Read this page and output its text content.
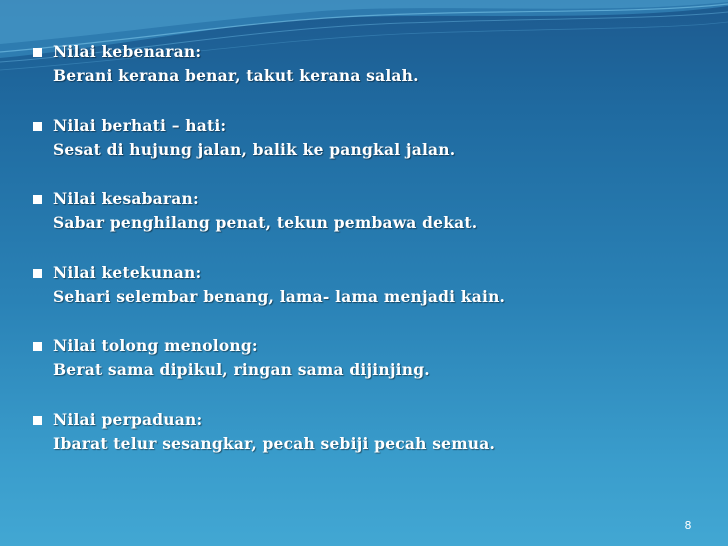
Nilai kebenaran:
Berani kerana benar, takut kerana salah.
Nilai berhati – hati:
Sesat di hujung jalan, balik ke pangkal jalan.
Nilai kesabaran:
Sabar penghilang penat, tekun pembawa dekat.
Nilai ketekunan:
Sehari selembar benang, lama- lama menjadi kain.
Nilai tolong menolong:
Berat sama dipikul, ringan sama dijinjing.
Nilai perpaduan:
Ibarat telur sesangkar, pecah sebiji pecah semua.
8
